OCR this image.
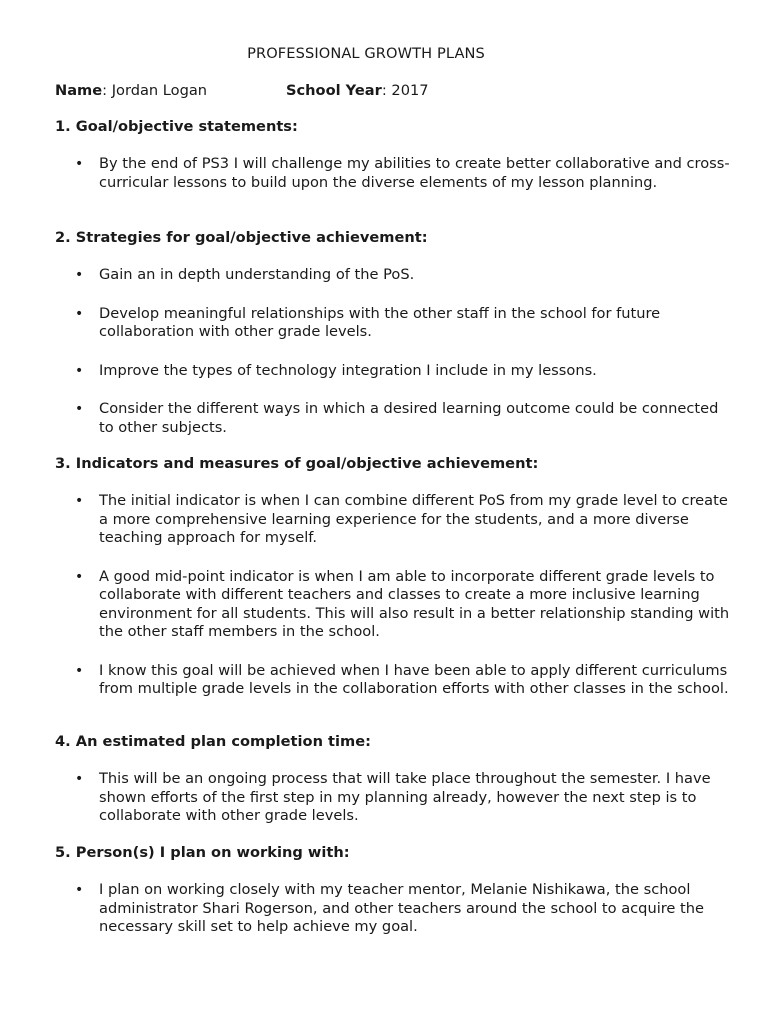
PROFESSIONAL GROWTH PLANS
Name: Jordan Logan	School Year: 2017
1. Goal/objective statements:
• By the end of PS3 I will challenge my abilities to create better collaborative and cross-curricular lessons to build upon the diverse elements of my lesson planning.
2. Strategies for goal/objective achievement:
• Gain an in depth understanding of the PoS.
• Develop meaningful relationships with the other staff in the school for future collaboration with other grade levels.
• Improve the types of technology integration I include in my lessons.
• Consider the different ways in which a desired learning outcome could be connected to other subjects.
3. Indicators and measures of goal/objective achievement:
• The initial indicator is when I can combine different PoS from my grade level to create a more comprehensive learning experience for the students, and a more diverse teaching approach for myself.
• A good mid-point indicator is when I am able to incorporate different grade levels to collaborate with different teachers and classes to create a more inclusive learning environment for all students. This will also result in a better relationship standing with the other staff members in the school.
• I know this goal will be achieved when I have been able to apply different curriculums from multiple grade levels in the collaboration efforts with other classes in the school.
4. An estimated plan completion time:
• This will be an ongoing process that will take place throughout the semester. I have shown efforts of the first step in my planning already, however the next step is to collaborate with other grade levels.
5. Person(s) I plan on working with:
• I plan on working closely with my teacher mentor, Melanie Nishikawa, the school administrator Shari Rogerson, and other teachers around the school to acquire the necessary skill set to help achieve my goal.
